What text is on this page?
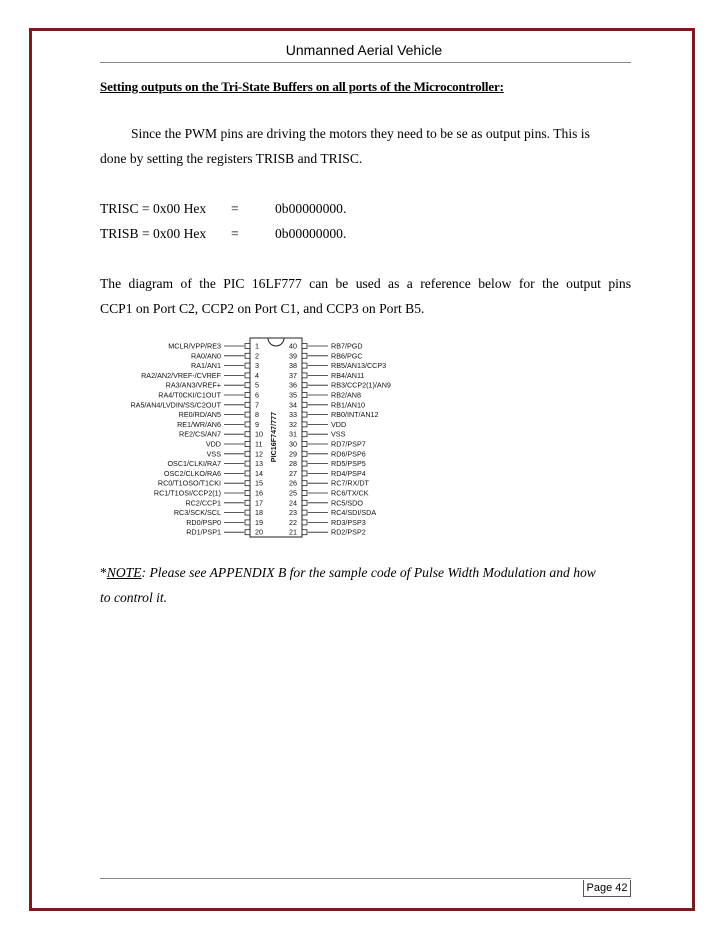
Unmanned Aerial Vehicle
Setting outputs on the Tri-State Buffers on all ports of the Microcontroller:
Since the PWM pins are driving the motors they need to be se as output pins. This is
done by setting the registers TRISB and TRISC.
TRISC = 0x00 Hex =	0b00000000.
TRISB = 0x00 Hex =	0b00000000.
The diagram of the PIC 16LF777 can be used as a reference below for the output pins
CCP1 on Port C2, CCP2 on Port C1, and CCP3 on Port B5.
PIC16F747/777
MCLR/VPP/RE3	1
RA0/AN0	2
RA1/AN1	3
RA2/AN2/VREF-/CVREF	4
RA3/AN3/VREF+	5
RA4/T0CKI/C1OUT	6
RA5/AN4/LVDIN/SS/C2OUT	7
RE0/RD/AN5	8
RE1/WR/AN6	9
RE2/CS/AN7	10
VDD	11
VSS	12
OSC1/CLKI/RA7	13
OSC2/CLKO/RA6	14
RC0/T1OSO/T1CKI	15
RC1/T1OSI/CCP2(1)	16
RC2/CCP1	17
RC3/SCK/SCL	18
RD0/PSP0	19
RD1/PSP1	20
40	RB7/PGD
39	RB6/PGC
38	RB5/AN13/CCP3
37	RB4/AN11
36	RB3/CCP2(1)/AN9
35	RB2/AN8
34	RB1/AN10
33	RB0/INT/AN12
32	VDD
31	VSS
30	RD7/PSP7
29	RD6/PSP6
28	RD5/PSP5
27	RD4/PSP4
26	RC7/RX/DT
25	RC6/TX/CK
24	RC5/SDO
23	RC4/SDI/SDA
22	RD3/PSP3
21	RD2/PSP2
*NOTE: Please see APPENDIX B for the sample code of Pulse Width Modulation and how
to control it.
Page 42
